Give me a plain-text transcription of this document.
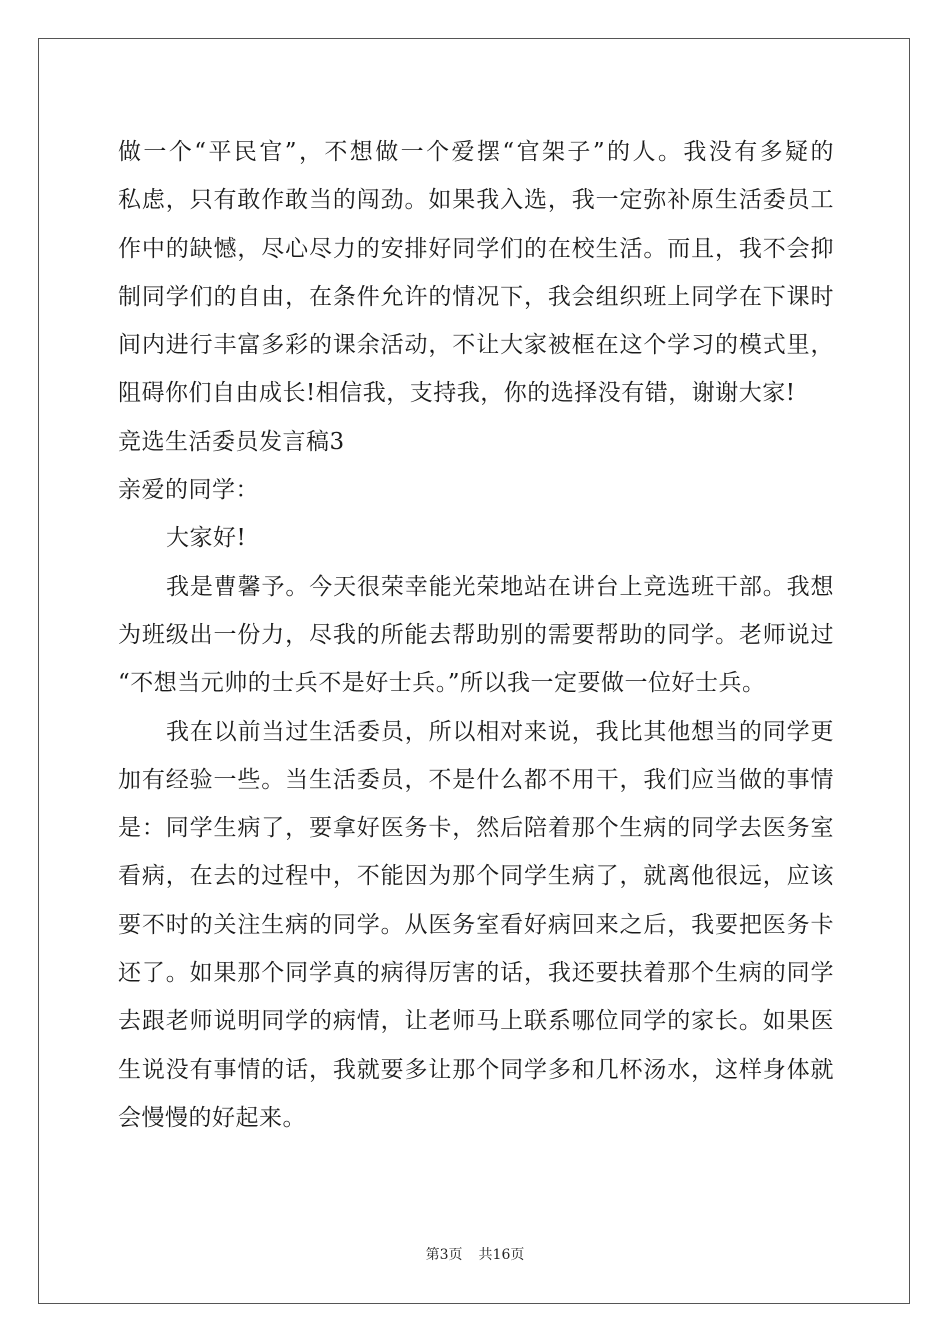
做一个“平民官”，不想做一个爱摆“官架子”的人。我没有多疑的
私虑，只有敢作敢当的闯劲。如果我入选，我一定弥补原生活委员工
作中的缺憾，尽心尽力的安排好同学们的在校生活。而且，我不会抑
制同学们的自由，在条件允许的情况下，我会组织班上同学在下课时
间内进行丰富多彩的课余活动，不让大家被框在这个学习的模式里，
阻碍你们自由成长!相信我，支持我，你的选择没有错，谢谢大家!
竞选生活委员发言稿3
亲爱的同学：
大家好!
我是曹馨予。今天很荣幸能光荣地站在讲台上竞选班干部。我想
为班级出一份力，尽我的所能去帮助别的需要帮助的同学。老师说过
“不想当元帅的士兵不是好士兵。”所以我一定要做一位好士兵。
我在以前当过生活委员，所以相对来说，我比其他想当的同学更
加有经验一些。当生活委员，不是什么都不用干，我们应当做的事情
是：同学生病了，要拿好医务卡，然后陪着那个生病的同学去医务室
看病，在去的过程中，不能因为那个同学生病了，就离他很远，应该
要不时的关注生病的同学。从医务室看好病回来之后，我要把医务卡
还了。如果那个同学真的病得厉害的话，我还要扶着那个生病的同学
去跟老师说明同学的病情，让老师马上联系哪位同学的家长。如果医
生说没有事情的话，我就要多让那个同学多和几杯汤水，这样身体就
会慢慢的好起来。
第3页 共16页
